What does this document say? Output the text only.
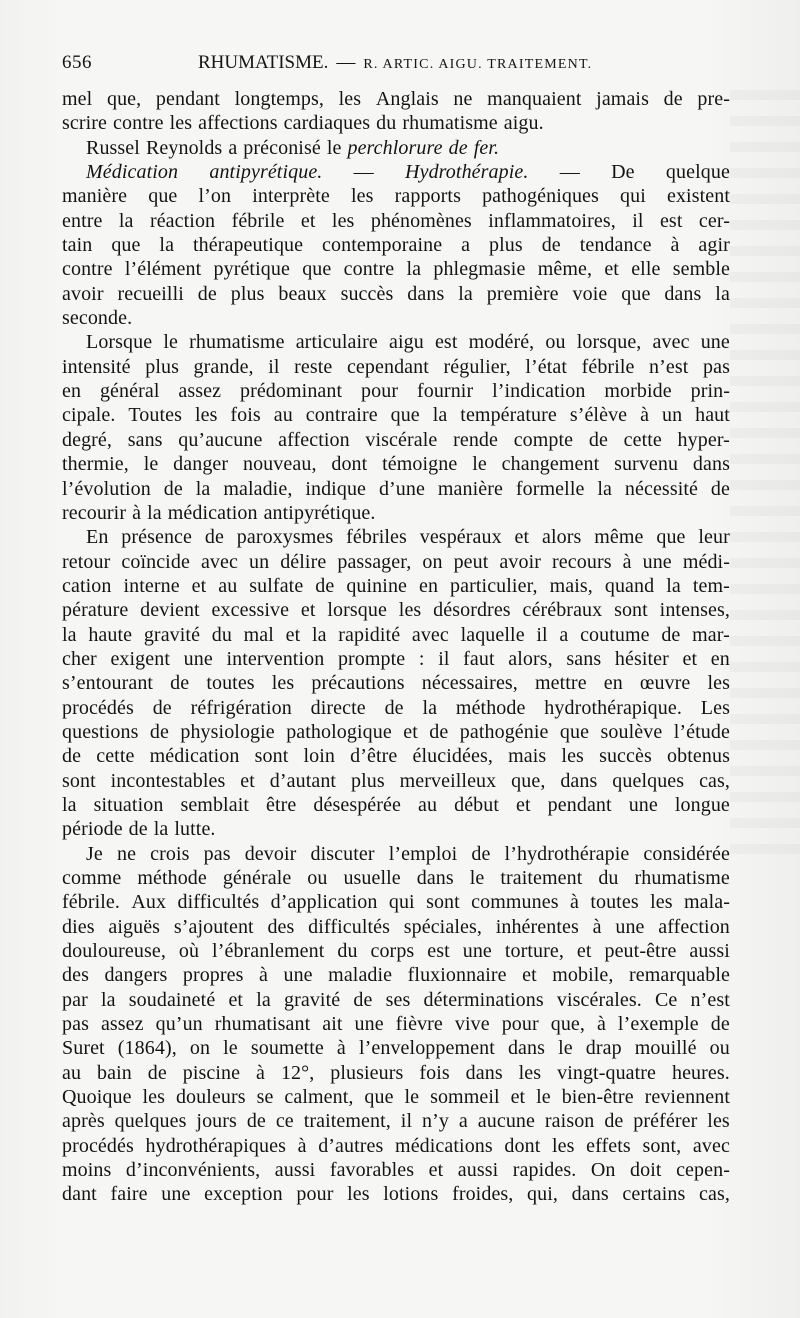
656	RHUMATISME. — R. ARTIC. AIGU. TRAITEMENT.
mel que, pendant longtemps, les Anglais ne manquaient jamais de pre-
scrire contre les affections cardiaques du rhumatisme aigu.
Russel Reynolds a préconisé le perchlorure de fer.
Médication antipyrétique. — Hydrothérapie. — De quelque
manière que l’on interprète les rapports pathogéniques qui existent
entre la réaction fébrile et les phénomènes inflammatoires, il est cer-
tain que la thérapeutique contemporaine a plus de tendance à agir
contre l’élément pyrétique que contre la phlegmasie même, et elle semble
avoir recueilli de plus beaux succès dans la première voie que dans la
seconde.
Lorsque le rhumatisme articulaire aigu est modéré, ou lorsque, avec une
intensité plus grande, il reste cependant régulier, l’état fébrile n’est pas
en général assez prédominant pour fournir l’indication morbide prin-
cipale. Toutes les fois au contraire que la température s’élève à un haut
degré, sans qu’aucune affection viscérale rende compte de cette hyper-
thermie, le danger nouveau, dont témoigne le changement survenu dans
l’évolution de la maladie, indique d’une manière formelle la nécessité de
recourir à la médication antipyrétique.
En présence de paroxysmes fébriles vespéraux et alors même que leur
retour coïncide avec un délire passager, on peut avoir recours à une médi-
cation interne et au sulfate de quinine en particulier, mais, quand la tem-
pérature devient excessive et lorsque les désordres cérébraux sont intenses,
la haute gravité du mal et la rapidité avec laquelle il a coutume de mar-
cher exigent une intervention prompte : il faut alors, sans hésiter et en
s’entourant de toutes les précautions nécessaires, mettre en œuvre les
procédés de réfrigération directe de la méthode hydrothérapique. Les
questions de physiologie pathologique et de pathogénie que soulève l’étude
de cette médication sont loin d’être élucidées, mais les succès obtenus
sont incontestables et d’autant plus merveilleux que, dans quelques cas,
la situation semblait être désespérée au début et pendant une longue
période de la lutte.
Je ne crois pas devoir discuter l’emploi de l’hydrothérapie considérée
comme méthode générale ou usuelle dans le traitement du rhumatisme
fébrile. Aux difficultés d’application qui sont communes à toutes les mala-
dies aiguës s’ajoutent des difficultés spéciales, inhérentes à une affection
douloureuse, où l’ébranlement du corps est une torture, et peut-être aussi
des dangers propres à une maladie fluxionnaire et mobile, remarquable
par la soudaineté et la gravité de ses déterminations viscérales. Ce n’est
pas assez qu’un rhumatisant ait une fièvre vive pour que, à l’exemple de
Suret (1864), on le soumette à l’enveloppement dans le drap mouillé ou
au bain de piscine à 12°, plusieurs fois dans les vingt-quatre heures.
Quoique les douleurs se calment, que le sommeil et le bien-être reviennent
après quelques jours de ce traitement, il n’y a aucune raison de préférer les
procédés hydrothérapiques à d’autres médications dont les effets sont, avec
moins d’inconvénients, aussi favorables et aussi rapides. On doit cepen-
dant faire une exception pour les lotions froides, qui, dans certains cas,
